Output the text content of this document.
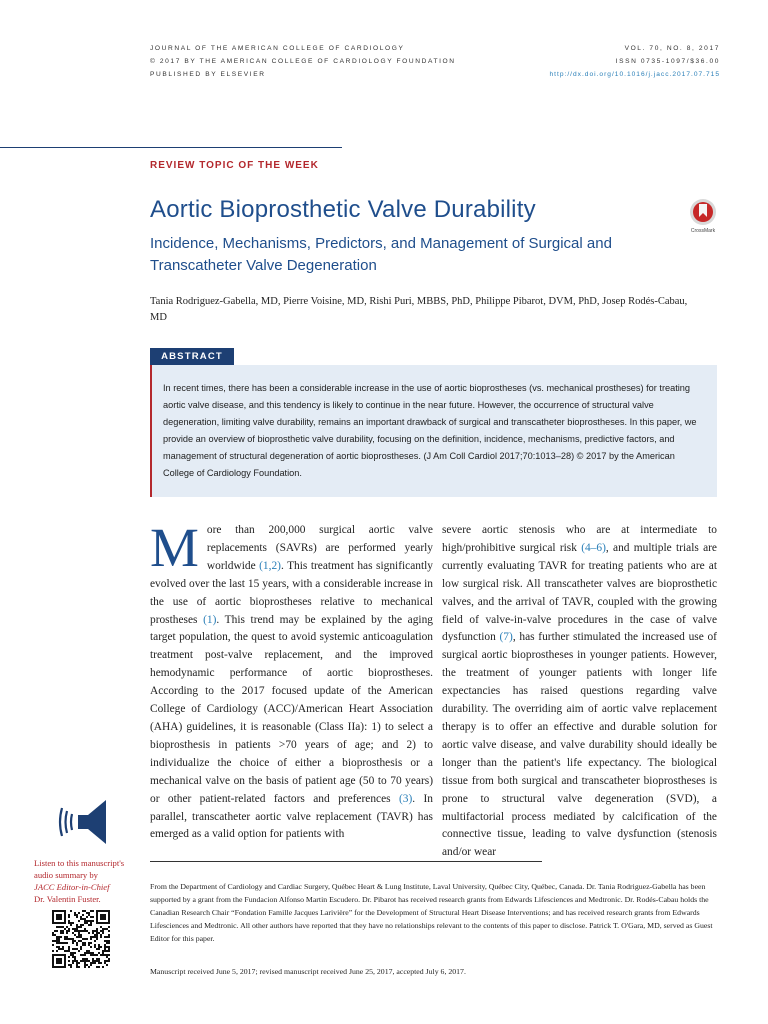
JOURNAL OF THE AMERICAN COLLEGE OF CARDIOLOGY
© 2017 BY THE AMERICAN COLLEGE OF CARDIOLOGY FOUNDATION
PUBLISHED BY ELSEVIER
VOL. 70, NO. 8, 2017
ISSN 0735-1097/$36.00
http://dx.doi.org/10.1016/j.jacc.2017.07.715
REVIEW TOPIC OF THE WEEK
Aortic Bioprosthetic Valve Durability
Incidence, Mechanisms, Predictors, and Management of Surgical and Transcatheter Valve Degeneration
Tania Rodriguez-Gabella, MD, Pierre Voisine, MD, Rishi Puri, MBBS, PhD, Philippe Pibarot, DVM, PhD, Josep Rodés-Cabau, MD
CrossMark
ABSTRACT
In recent times, there has been a considerable increase in the use of aortic bioprostheses (vs. mechanical prostheses) for treating aortic valve disease, and this tendency is likely to continue in the near future. However, the occurrence of structural valve degeneration, limiting valve durability, remains an important drawback of surgical and transcatheter bioprostheses. In this paper, we provide an overview of bioprosthetic valve durability, focusing on the definition, incidence, mechanisms, predictive factors, and management of structural degeneration of aortic bioprostheses. (J Am Coll Cardiol 2017;70:1013–28) © 2017 by the American College of Cardiology Foundation.
More than 200,000 surgical aortic valve replacements (SAVRs) are performed yearly worldwide (1,2). This treatment has significantly evolved over the last 15 years, with a considerable increase in the use of aortic bioprostheses relative to mechanical prostheses (1). This trend may be explained by the aging target population, the quest to avoid systemic anticoagulation treatment post-valve replacement, and the improved hemodynamic performance of aortic bioprostheses. According to the 2017 focused update of the American College of Cardiology (ACC)/American Heart Association (AHA) guidelines, it is reasonable (Class IIa): 1) to select a bioprosthesis in patients >70 years of age; and 2) to individualize the choice of either a bioprosthesis or a mechanical valve on the basis of patient age (50 to 70 years) or other patient-related factors and preferences (3). In parallel, transcatheter aortic valve replacement (TAVR) has emerged as a valid option for patients with
severe aortic stenosis who are at intermediate to high/prohibitive surgical risk (4–6), and multiple trials are currently evaluating TAVR for treating patients who are at low surgical risk. All transcatheter valves are bioprosthetic valves, and the arrival of TAVR, coupled with the growing field of valve-in-valve procedures in the case of valve dysfunction (7), has further stimulated the increased use of surgical aortic bioprostheses in younger patients. However, the treatment of younger patients with longer life expectancies has raised questions regarding valve durability. The overriding aim of aortic valve replacement therapy is to offer an effective and durable solution for aortic valve disease, and valve durability should ideally be longer than the patient's life expectancy. The biological tissue from both surgical and transcatheter bioprostheses is prone to structural valve degeneration (SVD), a multifactorial process mediated by calcification of the connective tissue, leading to valve dysfunction (stenosis and/or wear
Listen to this manuscript's audio summary by
JACC Editor-in-Chief
Dr. Valentin Fuster.
From the Department of Cardiology and Cardiac Surgery, Québec Heart & Lung Institute, Laval University, Québec City, Québec, Canada. Dr. Tania Rodriguez-Gabella has been supported by a grant from the Fundacion Alfonso Martin Escudero. Dr. Pibarot has received research grants from Edwards Lifesciences and Medtronic. Dr. Rodés-Cabau holds the Canadian Research Chair “Fondation Famille Jacques Larivière” for the Development of Structural Heart Disease Interventions; and has received research grants from Edwards Lifesciences and Medtronic. All other authors have reported that they have no relationships relevant to the contents of this paper to disclose. Patrick T. O'Gara, MD, served as Guest Editor for this paper.
Manuscript received June 5, 2017; revised manuscript received June 25, 2017, accepted July 6, 2017.
